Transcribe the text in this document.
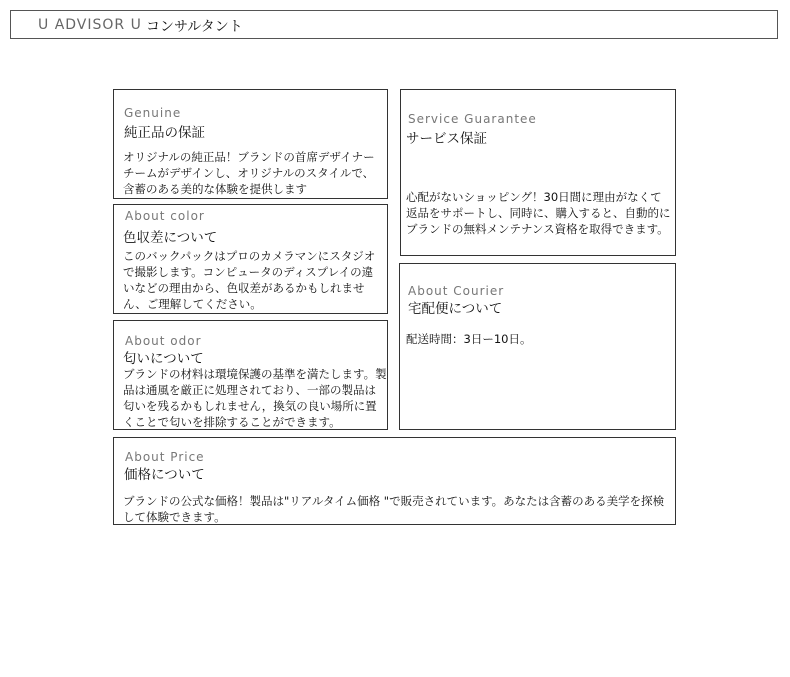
U ADVISOR U コンサルタント
Genuine
純正品の保証
オリジナルの純正品！ブランドの首席デザイナーチームがデザインし、オリジナルのスタイルで、含蓄のある美的な体験を提供します
Service Guarantee
サービス保証
心配がないショッピング！30日間に理由がなくて返品をサポートし、同時に、購入すると、自動的にブランドの無料メンテナンス資格を取得できます。
About color
色収差について
このバックパックはプロのカメラマンにスタジオで撮影します。コンピュータのディスプレイの違いなどの理由から、色収差があるかもしれません、ご理解してください。
About Courier
宅配便について
配送時間：3日ー10日。
About odor
匂いについて
ブランドの材料は環境保護の基準を満たします。製品は通風を厳正に処理されており、一部の製品は匂いを残るかもしれません，換気の良い場所に置くことで匂いを排除することができます。
About Price
価格について
ブランドの公式な価格！製品は"リアルタイム価格 "で販売されています。あなたは含蓄のある美学を探検して体験できます。
